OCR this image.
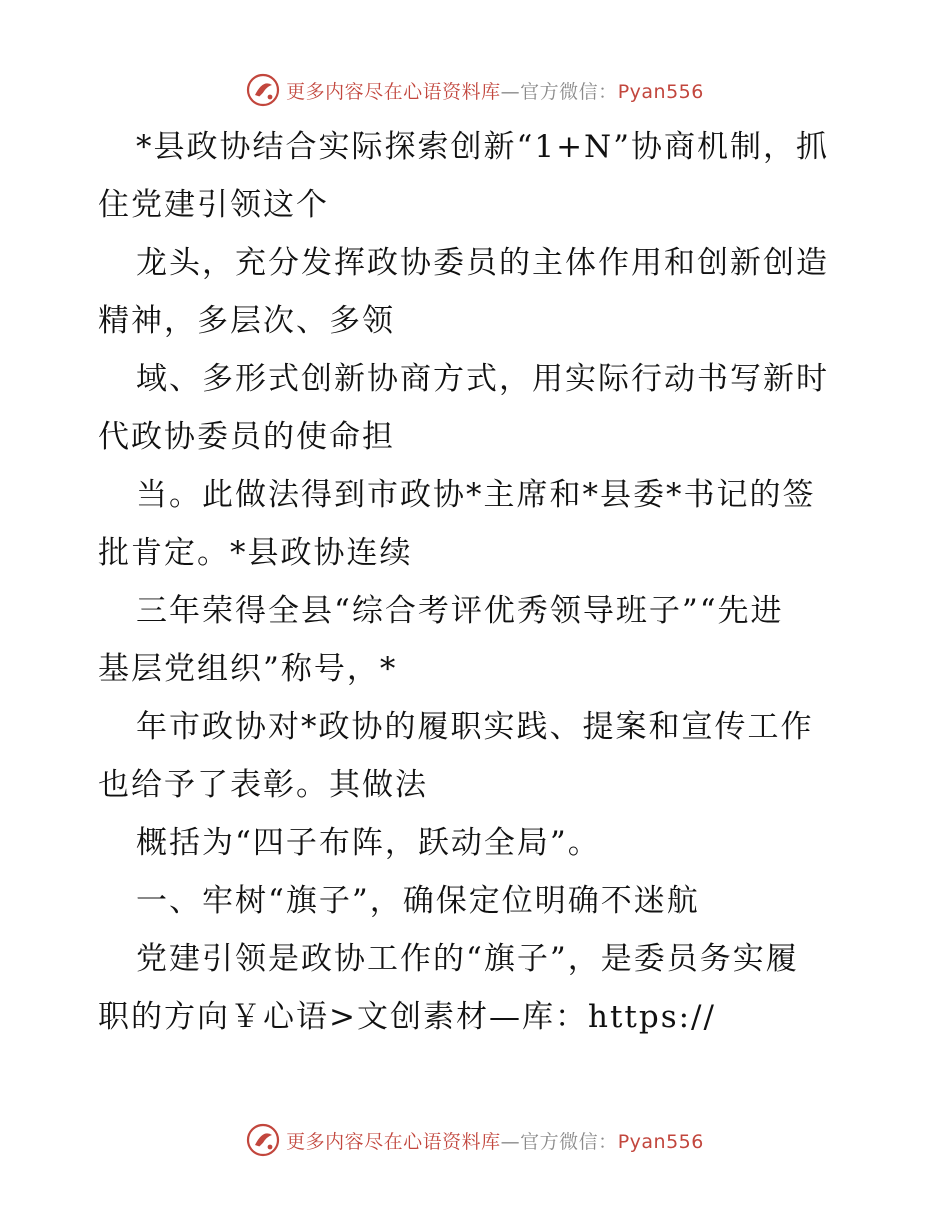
更多内容尽在心语资料库—官方微信：Pyan556

*县政协结合实际探索创新“1+N”协商机制，抓

住党建引领这个

龙头，充分发挥政协委员的主体作用和创新创造

精神，多层次、多领

域、多形式创新协商方式，用实际行动书写新时

代政协委员的使命担

当。此做法得到市政协*主席和*县委*书记的签

批肯定。*县政协连续

三年荣得全县“综合考评优秀领导班子”“先进

基层党组织”称号，*

年市政协对*政协的履职实践、提案和宣传工作

也给予了表彰。其做法

概括为“四子布阵，跃动全局”。

一、牢树“旗子”，确保定位明确不迷航

党建引领是政协工作的“旗子”，是委员务实履

职的方向￥心语>文创素材—库：https://

更多内容尽在心语资料库—官方微信：Pyan556
